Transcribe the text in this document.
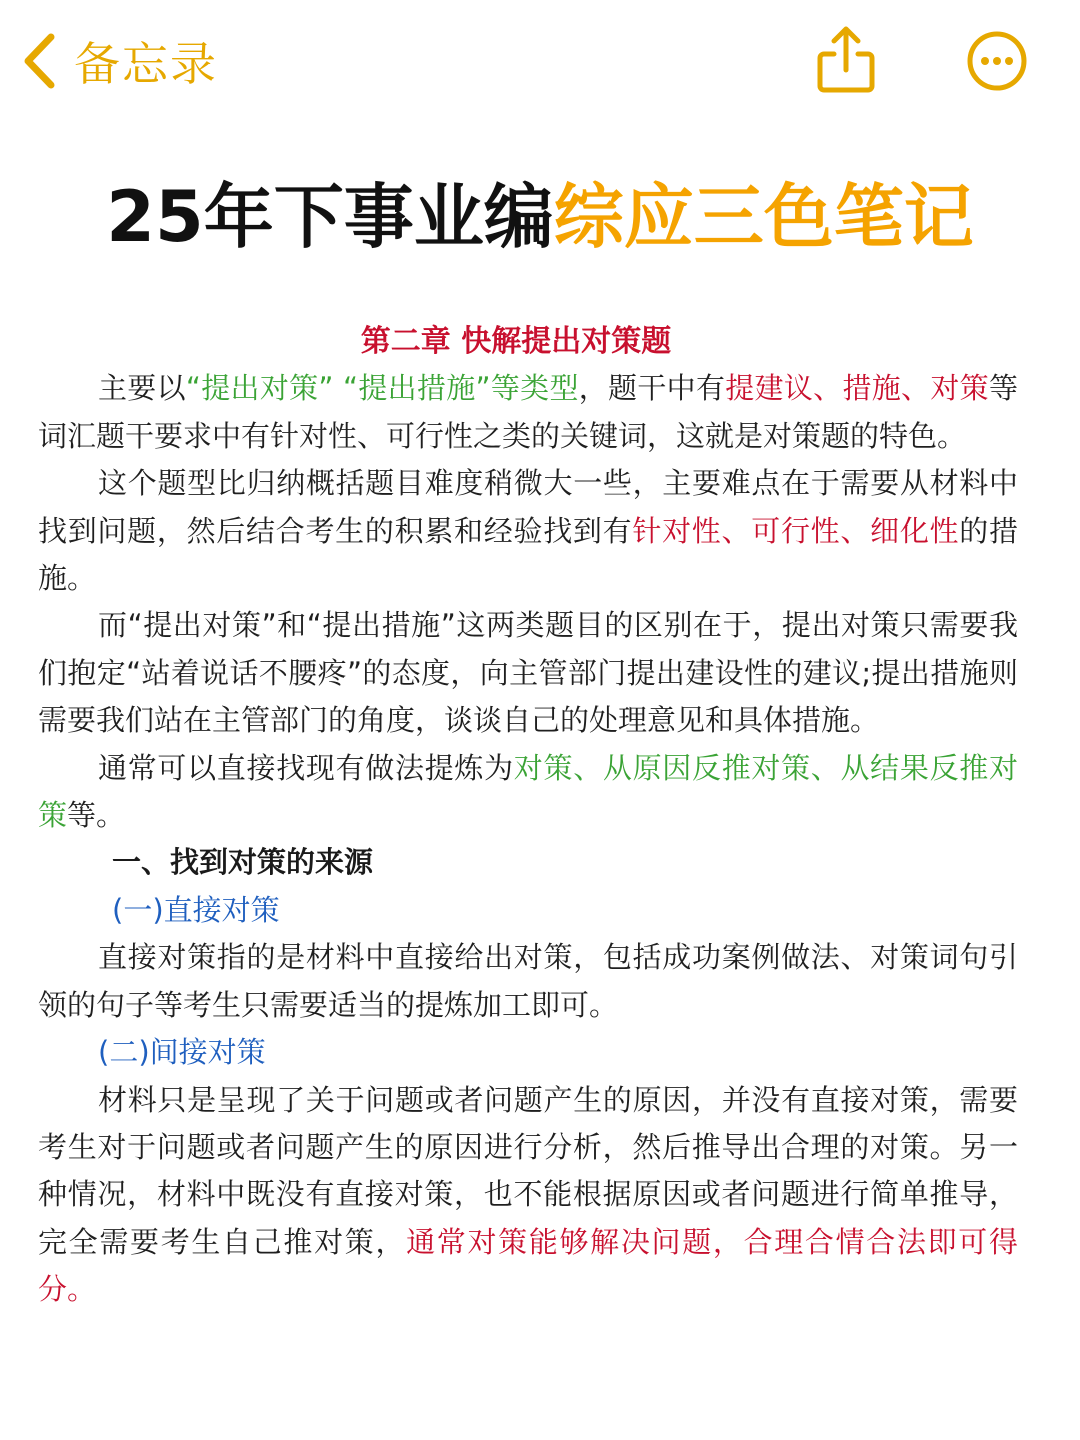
备忘录
25年下事业编综应三色笔记
第二章 快解提出对策题

主要以“提出对策” “提出措施”等类型，题干中有提建议、措施、对策等词汇题干要求中有针对性、可行性之类的关键词，这就是对策题的特色。

这个题型比归纳概括题目难度稍微大一些，主要难点在于需要从材料中找到问题，然后结合考生的积累和经验找到有针对性、可行性、细化性的措施。

而“提出对策”和“提出措施”这两类题目的区别在于，提出对策只需要我们抱定“站着说话不腰疼”的态度，向主管部门提出建设性的建议;提出措施则需要我们站在主管部门的角度，谈谈自己的处理意见和具体措施。

通常可以直接找现有做法提炼为对策、从原因反推对策、从结果反推对策等。

一、找到对策的来源
(一)直接对策

直接对策指的是材料中直接给出对策，包括成功案例做法、对策词句引领的句子等考生只需要适当的提炼加工即可。

(二)间接对策

材料只是呈现了关于问题或者问题产生的原因，并没有直接对策，需要考生对于问题或者问题产生的原因进行分析，然后推导出合理的对策。另一种情况，材料中既没有直接对策，也不能根据原因或者问题进行简单推导，完全需要考生自己推对策，通常对策能够解决问题，合理合情合法即可得分。
